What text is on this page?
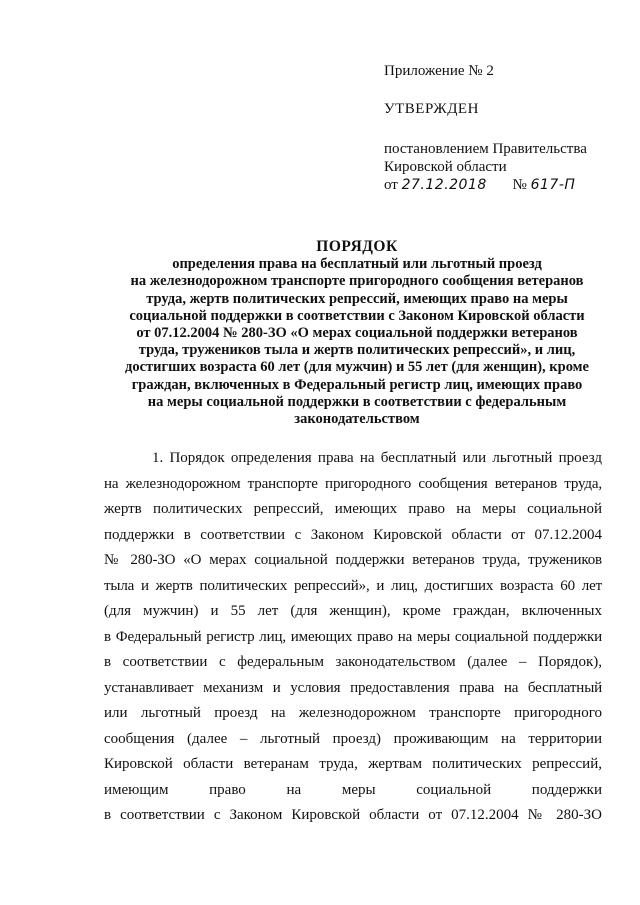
Приложение № 2

УТВЕРЖДЕН

постановлением Правительства

Кировской области

от 27.12.2018 № 617-П

ПОРЯДОК
определения права на бесплатный или льготный проезд
на железнодорожном транспорте пригородного сообщения ветеранов
труда, жертв политических репрессий, имеющих право на меры
социальной поддержки в соответствии с Законом Кировской области
от 07.12.2004 № 280-ЗО «О мерах социальной поддержки ветеранов
труда, тружеников тыла и жертв политических репрессий», и лиц,
достигших возраста 60 лет (для мужчин) и 55 лет (для женщин), кроме
граждан, включенных в Федеральный регистр лиц, имеющих право
на меры социальной поддержки в соответствии с федеральным
законодательством
1. Порядок определения права на бесплатный или льготный проезд
на железнодорожном транспорте пригородного сообщения ветеранов труда,
жертв политических репрессий, имеющих право на меры социальной
поддержки в соответствии с Законом Кировской области от 07.12.2004
№ 280-ЗО «О мерах социальной поддержки ветеранов труда, тружеников
тыла и жертв политических репрессий», и лиц, достигших возраста 60 лет
(для мужчин) и 55 лет (для женщин), кроме граждан, включенных
в Федеральный регистр лиц, имеющих право на меры социальной поддержки
в соответствии с федеральным законодательством (далее – Порядок),
устанавливает механизм и условия предоставления права на бесплатный
или льготный проезд на железнодорожном транспорте пригородного
сообщения (далее – льготный проезд) проживающим на территории
Кировской области ветеранам труда, жертвам политических репрессий,
имеющим право на меры социальной поддержки
в соответствии с Законом Кировской области от 07.12.2004 № 280-ЗО
